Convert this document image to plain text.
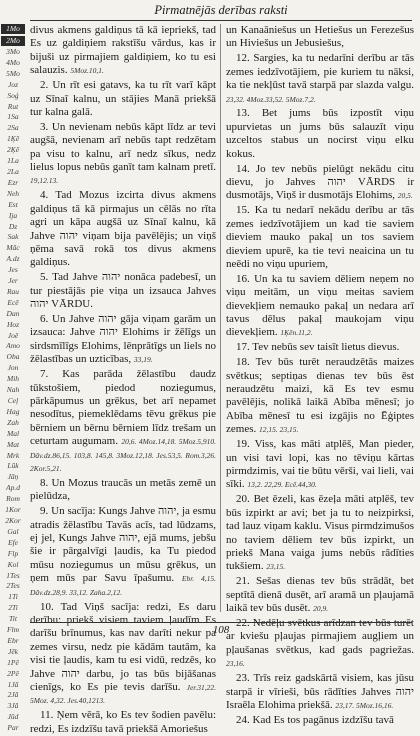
Pirmatnējās derības raksti
1Mo
2Mo
3Mo
4Mo
5Mo
Joz
Soģ
Rut
1Sa
2Sa
1Ķē
2Ķē
1La
2La
Ezr
Neh
Est
Ija
Dz
Sak
Māc
A.dz
Jes
Jer
Rau
Ecē
Dan
Hoz
Joē
Amo
Oba
Jon
Mih
Nah
Ceļ
Hag
Zah
Mal
Mat
Mrk
Lūk
Jāņ
Ap.d
Rom
1Kor
2Kor
Gal
Efe
Flp
Kol
1Tes
2Tes
1Ti
2Ti
Tit
Flm
Ebr
Jēk
1Pē
2Pē
1Jā
2Jā
3Jā
Jūd
Par

divus akmens galdiņus tā kā iepriekš, tad Es uz galdiņiem rakstīšu vārdus, kas ir bijuši uz pirmajiem galdiņiem, ko tu esi salauzis. 5Moz.10,1.

2. Un rīt esi gatavs, ka tu rīt varī kāpt uz Sīnaī kalnu, un stājies Manā priekšā tur kalna galā.

3. Un nevienam nebūs kāpt līdz ar tevi augšā, nevienam arī nebūs tapt redzētam pa visu to kalnu, arī nedz sīkus, nedz lielus lopus nebūs ganīt tam kalnam pretī. 19,12.13.

4. Tad Mozus izcirta divus akmens galdiņus tā kā pirmajus un cēlās no rīta agri un kāpa augšā uz Sīnaī kalnu, kā Jahve יהוה viņam bija pavēlējis; un viņš ņēma savā rokā tos divus akmens galdiņus.

5. Tad Jahve יהוה nonāca padebesī, un tur piestājās pie viņa un izsauca Jahves יהוה VĀRDU.

6. Un Jahve יהוה gāja viņam garām un izsauca: Jahve יהוה Elohims ir žēlīgs un sirdsmīlīgs Elohims, lēnprātīgs un liels no žēlastības un uzticības, 33,19.

7. Kas parāda žēlastību daudz tūkstošiem, piedod noziegumus, pārkāpumus un grēkus, bet arī nepamet nesodītus, piemeklēdams tēvu grēkus pie bērniem un bērnu bērniem līdz trešam un ceturtam augumam. 20,6. 4Moz.14,18. 5Moz.5,910. Dāv.dz.86,15. 103,8. 145,8. 3Moz.12,18. Jes.53,5. Rom.3,26. 2Kor.5,21.

8. Un Mozus traucās un metās zemē un pielūdza,

9. Un sacīja: Kungs Jahve יהוה, ja esmu atradis žēlastību Tavās acīs, tad lūdzams, ej jel, Kungs Jahve יהוה, ejā mums, jebšu šie ir pārgalvīgi ļaudis, ka Tu piedod mūsu noziegumus un mūsu grēkus, un ņem mūs par Savu īpašumu. Ebr. 4,15. Dāv.dz.28,9. 33,12. Zaha.2,12.

10. Tad Viņš sacīja: redzi, Es daru derību: priekš visiem taviem ļaudīm Es darīšu brīnumus, kas nav darīti nekur pa zemes virsu, nedz pie kādām tautām, ka visi tie ļaudis, kam tu esi vidū, redzēs, ko Jahve יהוה darbu, jo tas būs bijāšanas cienīgs, ko Es pie tevis darīšu. Jer.31,22. 5Moz. 4,32. Jes.40,1213.

11. Ņem vērā, ko Es tev šodien pavēlu: redzi, Es izdzīšu tavā priekšā Amoriešus

un Kanaāniešus un Hetiešus un Ferezešus un Hiviešus un Jebusiešus,

12. Sargies, ka tu nedarīni derību ar tās zemes iedzīvotājiem, pie kuriem tu nāksi, ka tie nekļūst tavā starpā par slazda valgu. 23,32. 4Moz.33,52. 5Moz.7,2.

13. Bet jums būs izpostīt viņu upurvietas un jums būs salauzīt viņu uzceltos stabus un nocirst viņu elku kokus.

14. Jo tev nebūs pielūgt nekādu citu dievu, jo Jahves יהוה VĀRDS ir dusmotājs, Viņš ir dusmotājs Elohims, 20,5.

15. Ka tu nedarī nekādu derību ar tās zemes iedzīvotājiem un kad tie saviem dieviem mauko pakaļ un tos saviem dieviem upurē, ka tie tevi neaicina un tu neēdi no viņu upuriem,

16. Un ka tu saviem dēliem neņem no viņu meitām, un viņu meitas saviem dievekļiem nemauko pakaļ un nedara arī tavus dēlus pakaļ maukojam viņu dievekļiem. 1Ķēn.11,2.

17. Tev nebūs sev taisīt lietus dievus.

18. Tev būs turēt neraudzētās maizes svētkus; septiņas dienas tev būs ēst neraudzētu maizi, kā Es tev esmu pavēlējis, nolikā laikā Abība mēnesī; jo Abība mēnesī tu esi izgājis no Ēģiptes zemes. 12,15. 23,15.

19. Viss, kas māti atplēš, Man pieder, un visi tavi lopi, kas no tēviņu kārtas pirmdzimis, vai tie būtu vērši, vai lieli, vai sīki. 13,2. 22,29. Ecē.44,30.

20. Bet ēzeli, kas ēzeļa māti atplēš, tev būs izpirkt ar avi; bet ja tu to neizpirksi, tad lauz viņam kaklu. Visus pirmdzimušos no taviem dēliem tev būs izpirkt, un priekš Mana vaiga jums nebūs rādīties tukšiem. 23,15.

21. Sešas dienas tev būs strādāt, bet septītā dienā dusēt, arī aramā un pļaujamā laikā tev būs dusēt. 20,9.

22. Nedēļu svētkus arīdzan tev būs turēt ar kviešu pļaujas pirmajiem augļiem un pļaušanas svētkus, kad gads pagriežas. 23,16.

23. Trīs reiz gadskārtā visiem, kas jūsu starpā ir vīrieši, būs rādīties Jahves יהוה Israēla Elohima priekšā. 23,17. 5Moz.16,16.

24. Kad Es tos pagānus izdzīšu tavā

108
